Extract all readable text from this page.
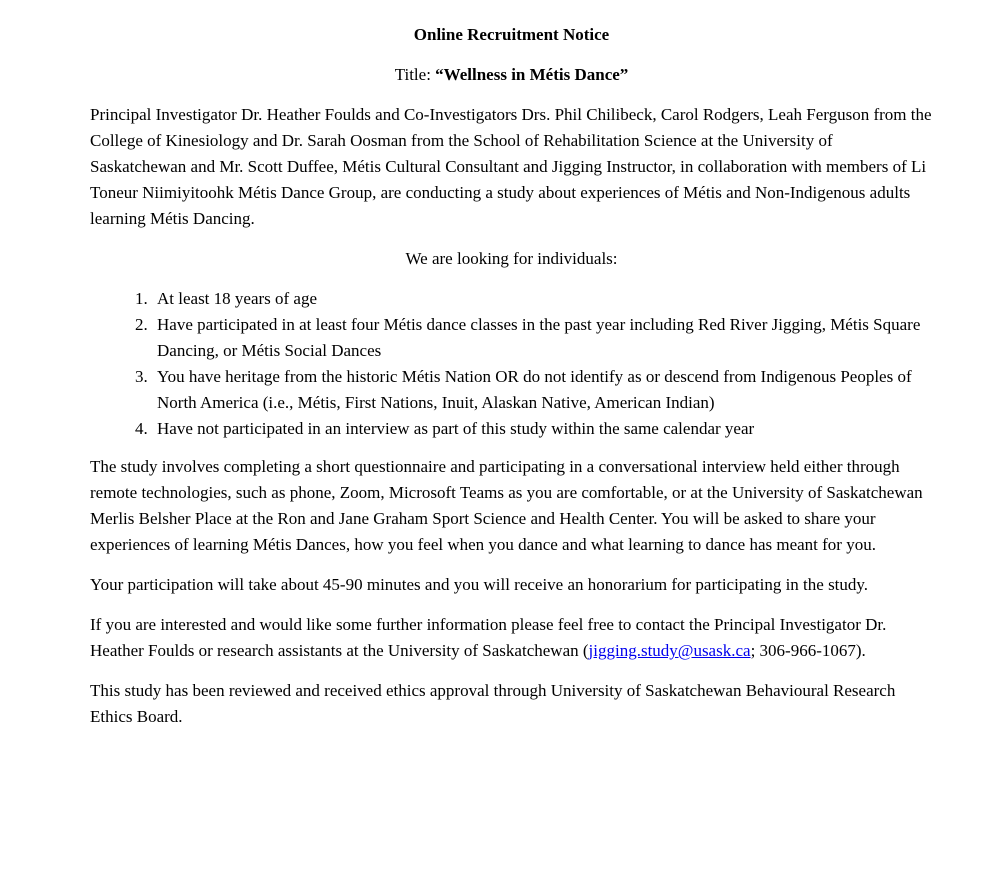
Online Recruitment Notice

Title: “Wellness in Métis Dance”

Principal Investigator Dr. Heather Foulds and Co-Investigators Drs. Phil Chilibeck, Carol Rodgers, Leah Ferguson from the College of Kinesiology and Dr. Sarah Oosman from the School of Rehabilitation Science at the University of Saskatchewan and Mr. Scott Duffee, Métis Cultural Consultant and Jigging Instructor, in collaboration with members of Li Toneur Niimiyitoohk Métis Dance Group, are conducting a study about experiences of Métis and Non-Indigenous adults learning Métis Dancing.

We are looking for individuals:

1. At least 18 years of age
2. Have participated in at least four Métis dance classes in the past year including Red River Jigging, Métis Square Dancing, or Métis Social Dances
3. You have heritage from the historic Métis Nation OR do not identify as or descend from Indigenous Peoples of North America (i.e., Métis, First Nations, Inuit, Alaskan Native, American Indian)
4. Have not participated in an interview as part of this study within the same calendar year

The study involves completing a short questionnaire and participating in a conversational interview held either through remote technologies, such as phone, Zoom, Microsoft Teams as you are comfortable, or at the University of Saskatchewan Merlis Belsher Place at the Ron and Jane Graham Sport Science and Health Center. You will be asked to share your experiences of learning Métis Dances, how you feel when you dance and what learning to dance has meant for you.

Your participation will take about 45-90 minutes and you will receive an honorarium for participating in the study.

If you are interested and would like some further information please feel free to contact the Principal Investigator Dr. Heather Foulds or research assistants at the University of Saskatchewan (jigging.study@usask.ca; 306-966-1067).

This study has been reviewed and received ethics approval through University of Saskatchewan Behavioural Research Ethics Board.
